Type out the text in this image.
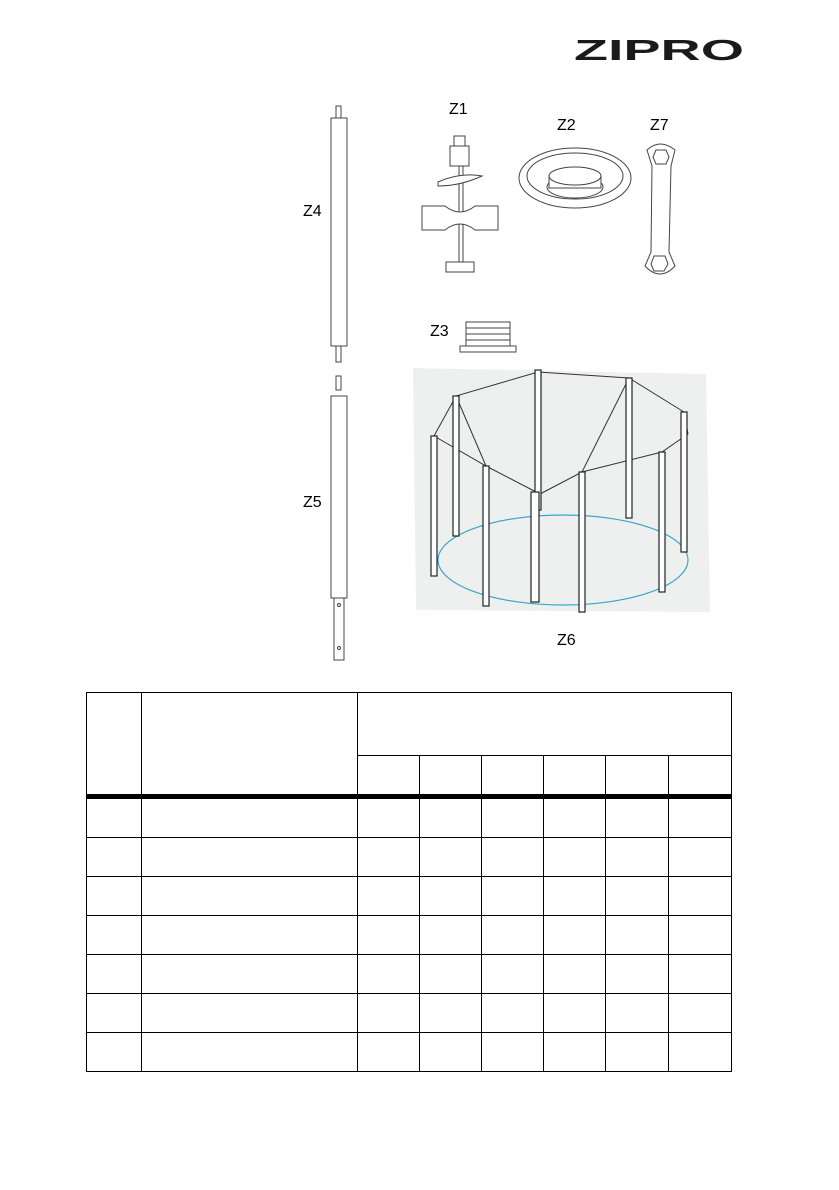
ZIPRO
Z1
Z2	Z7
Z4
Z3
Z5
Z6
